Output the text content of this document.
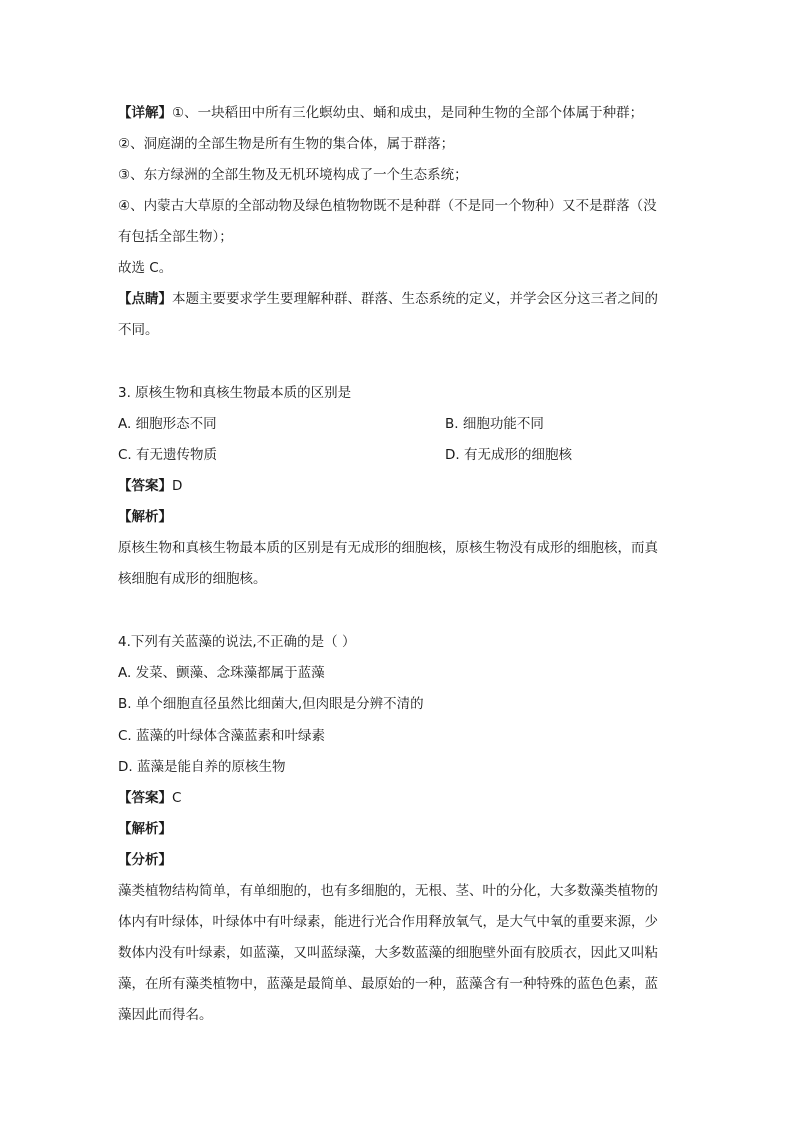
【详解】①、一块稻田中所有三化螟幼虫、蛹和成虫，是同种生物的全部个体属于种群；
②、洞庭湖的全部生物是所有生物的集合体，属于群落；
③、东方绿洲的全部生物及无机环境构成了一个生态系统；
④、内蒙古大草原的全部动物及绿色植物物既不是种群（不是同一个物种）又不是群落（没
有包括全部生物）；
故选 C。
【点睛】本题主要要求学生要理解种群、群落、生态系统的定义，并学会区分这三者之间的
不同。
3. 原核生物和真核生物最本质的区别是
A. 细胞形态不同	B. 细胞功能不同
C. 有无遗传物质	D. 有无成形的细胞核
【答案】D
【解析】
原核生物和真核生物最本质的区别是有无成形的细胞核，原核生物没有成形的细胞核，而真
核细胞有成形的细胞核。
4.下列有关蓝藻的说法,不正确的是（ ）
A. 发菜、颤藻、念珠藻都属于蓝藻
B. 单个细胞直径虽然比细菌大,但肉眼是分辨不清的
C. 蓝藻的叶绿体含藻蓝素和叶绿素
D. 蓝藻是能自养的原核生物
【答案】C
【解析】
【分析】
藻类植物结构简单，有单细胞的，也有多细胞的，无根、茎、叶的分化，大多数藻类植物的
体内有叶绿体，叶绿体中有叶绿素，能进行光合作用释放氧气，是大气中氧的重要来源，少
数体内没有叶绿素，如蓝藻，又叫蓝绿藻，大多数蓝藻的细胞壁外面有胶质衣，因此又叫粘
藻，在所有藻类植物中，蓝藻是最简单、最原始的一种，蓝藻含有一种特殊的蓝色色素，蓝
藻因此而得名。
